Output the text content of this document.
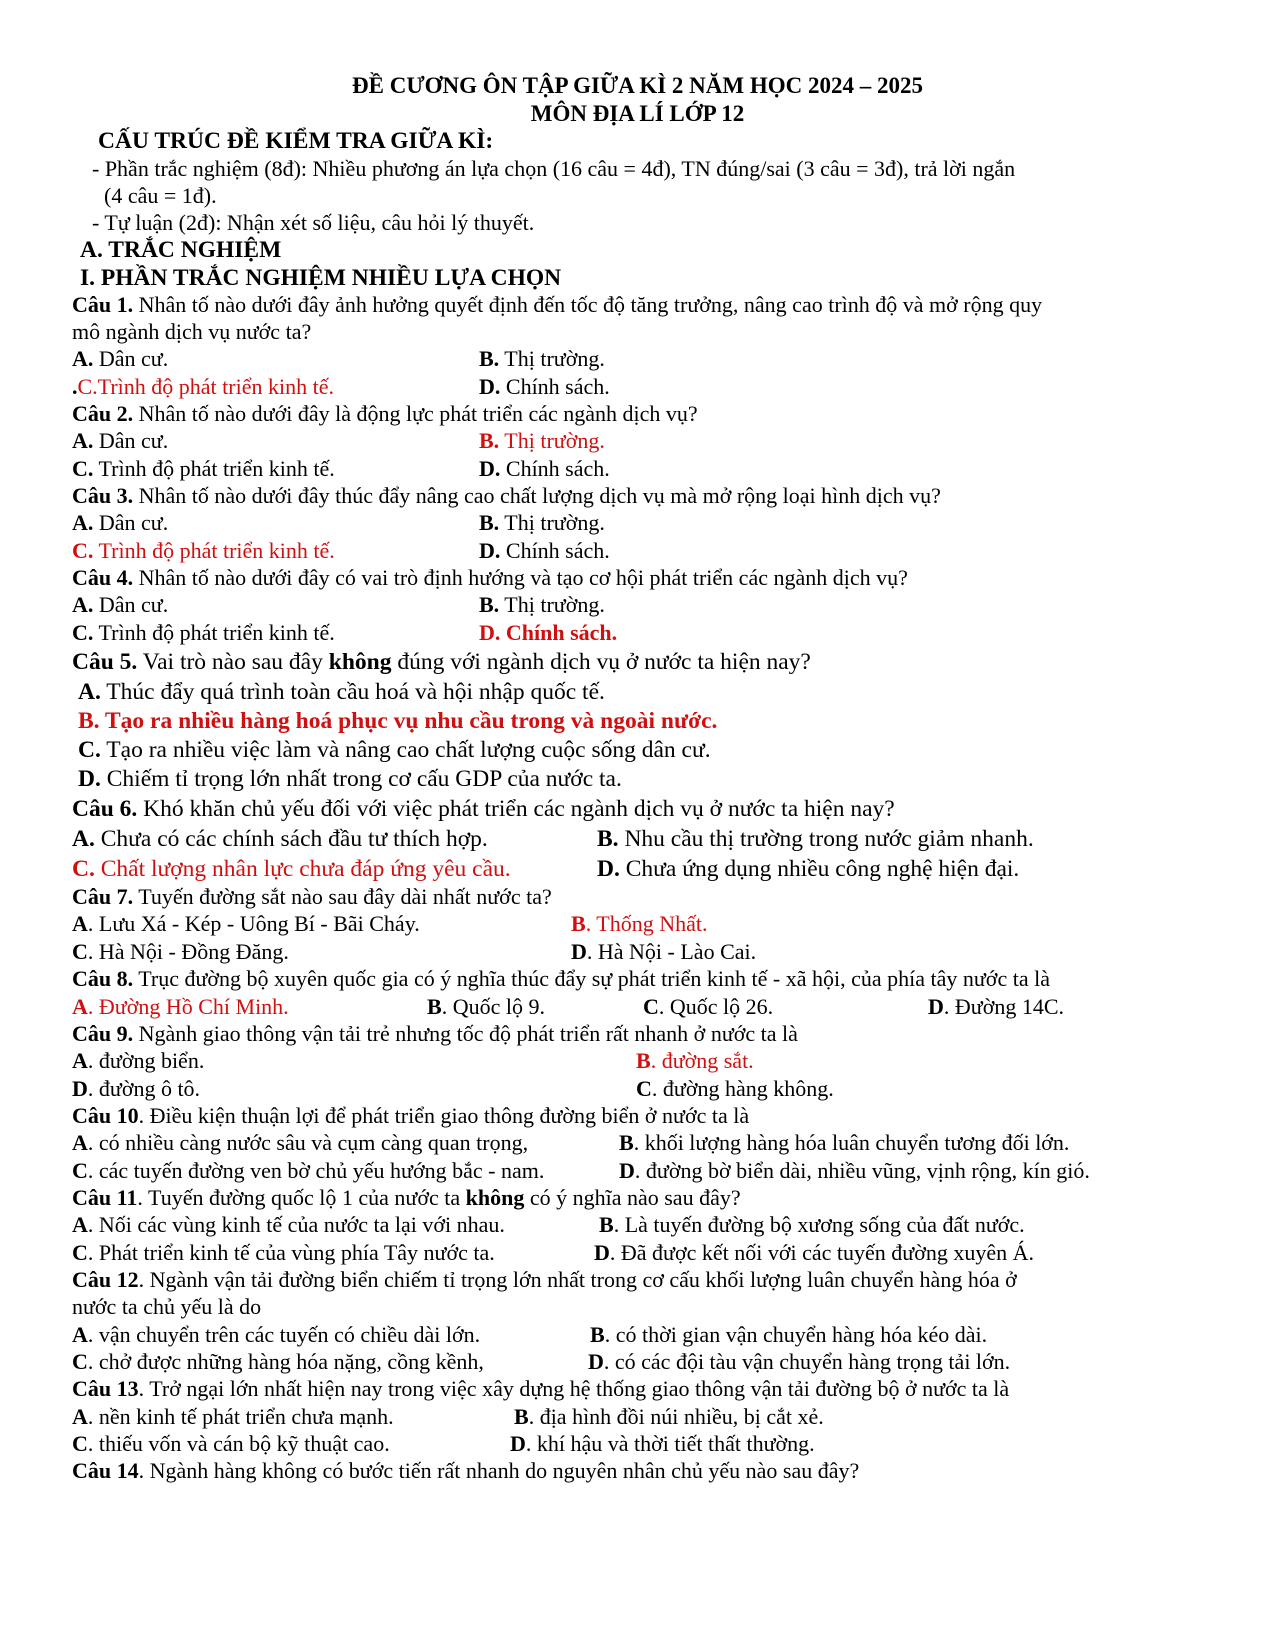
ĐỀ CƯƠNG ÔN TẬP GIỮA KÌ 2 NĂM HỌC 2024 – 2025
MÔN ĐỊA LÍ LỚP 12
CẤU TRÚC ĐỀ KIỂM TRA GIỮA KÌ:
- Phần trắc nghiệm (8đ): Nhiều phương án lựa chọn (16 câu = 4đ), TN đúng/sai (3 câu = 3đ), trả lời ngắn
(4 câu = 1đ).
- Tự luận (2đ): Nhận xét số liệu, câu hỏi lý thuyết.
A. TRẮC NGHIỆM
I. PHẦN TRẮC NGHIỆM NHIỀU LỰA CHỌN
Câu 1. Nhân tố nào dưới đây ảnh hưởng quyết định đến tốc độ tăng trưởng, nâng cao trình độ và mở rộng quy
mô ngành dịch vụ nước ta?
A. Dân cư.	B. Thị trường.
.C.Trình độ phát triển kinh tế.	D. Chính sách.
Câu 2. Nhân tố nào dưới đây là động lực phát triển các ngành dịch vụ?
A. Dân cư.	B. Thị trường.
C. Trình độ phát triển kinh tế.	D. Chính sách.
Câu 3. Nhân tố nào dưới đây thúc đẩy nâng cao chất lượng dịch vụ mà mở rộng loại hình dịch vụ?
A. Dân cư.	B. Thị trường.
C. Trình độ phát triển kinh tế.	D. Chính sách.
Câu 4. Nhân tố nào dưới đây có vai trò định hướng và tạo cơ hội phát triển các ngành dịch vụ?
A. Dân cư.	B. Thị trường.
C. Trình độ phát triển kinh tế.	D. Chính sách.
Câu 5. Vai trò nào sau đây không đúng với ngành dịch vụ ở nước ta hiện nay?
A. Thúc đẩy quá trình toàn cầu hoá và hội nhập quốc tế.
B. Tạo ra nhiều hàng hoá phục vụ nhu cầu trong và ngoài nước.
C. Tạo ra nhiều việc làm và nâng cao chất lượng cuộc sống dân cư.
D. Chiếm tỉ trọng lớn nhất trong cơ cấu GDP của nước ta.
Câu 6. Khó khăn chủ yếu đối với việc phát triển các ngành dịch vụ ở nước ta hiện nay?
A. Chưa có các chính sách đầu tư thích hợp.	B. Nhu cầu thị trường trong nước giảm nhanh.
C. Chất lượng nhân lực chưa đáp ứng yêu cầu.	D. Chưa ứng dụng nhiều công nghệ hiện đại.
Câu 7. Tuyến đường sắt nào sau đây dài nhất nước ta?
A. Lưu Xá - Kép - Uông Bí - Bãi Cháy.	B. Thống Nhất.
C. Hà Nội - Đồng Đăng.	D. Hà Nội - Lào Cai.
Câu 8. Trục đường bộ xuyên quốc gia có ý nghĩa thúc đẩy sự phát triển kinh tế - xã hội, của phía tây nước ta là
A. Đường Hồ Chí Minh.	B. Quốc lộ 9.	C. Quốc lộ 26.	D. Đường 14C.
Câu 9. Ngành giao thông vận tải trẻ nhưng tốc độ phát triển rất nhanh ở nước ta là
A. đường biển.	B. đường sắt.
D. đường ô tô.	C. đường hàng không.
Câu 10. Điều kiện thuận lợi để phát triển giao thông đường biển ở nước ta là
A. có nhiều càng nước sâu và cụm càng quan trọng,	B. khối lượng hàng hóa luân chuyển tương đối lớn.
C. các tuyến đường ven bờ chủ yếu hướng bắc - nam.	D. đường bờ biển dài, nhiều vũng, vịnh rộng, kín gió.
Câu 11. Tuyến đường quốc lộ 1 của nước ta không có ý nghĩa nào sau đây?
A. Nối các vùng kinh tế của nước ta lại với nhau.	B. Là tuyến đường bộ xương sống của đất nước.
C. Phát triển kinh tế của vùng phía Tây nước ta.	D. Đã được kết nối với các tuyến đường xuyên Á.
Câu 12. Ngành vận tải đường biển chiếm tỉ trọng lớn nhất trong cơ cấu khối lượng luân chuyển hàng hóa ở
nước ta chủ yếu là do
A. vận chuyển trên các tuyến có chiều dài lớn.	B. có thời gian vận chuyển hàng hóa kéo dài.
C. chở được những hàng hóa nặng, cồng kềnh,	D. có các đội tàu vận chuyển hàng trọng tải lớn.
Câu 13. Trở ngại lớn nhất hiện nay trong việc xây dựng hệ thống giao thông vận tải đường bộ ở nước ta là
A. nền kinh tế phát triển chưa mạnh.	B. địa hình đồi núi nhiều, bị cắt xẻ.
C. thiếu vốn và cán bộ kỹ thuật cao.	D. khí hậu và thời tiết thất thường.
Câu 14. Ngành hàng không có bước tiến rất nhanh do nguyên nhân chủ yếu nào sau đây?
